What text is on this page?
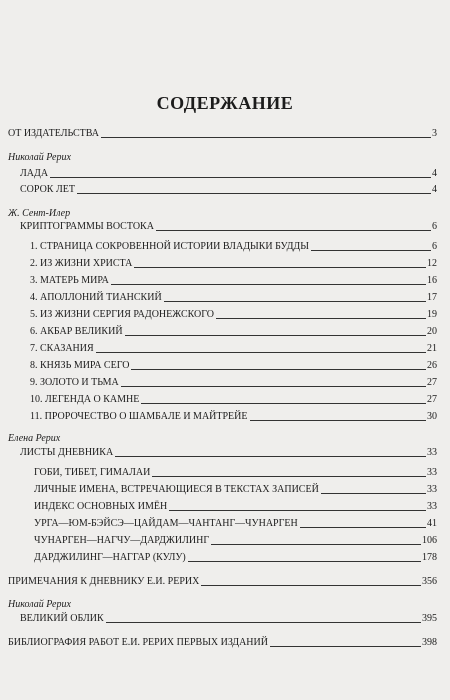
СОДЕРЖАНИЕ
ОТ ИЗДАТЕЛЬСТВА	3
Николай Рерих
ЛАДА	4
СОРОК ЛЕТ	4
Ж. Сент-Илер
КРИПТОГРАММЫ ВОСТОКА	6
1. СТРАНИЦА СОКРОВЕННОЙ ИСТОРИИ ВЛАДЫКИ БУДДЫ	6
2. ИЗ ЖИЗНИ ХРИСТА	12
3. МАТЕРЬ МИРА	16
4. АПОЛЛОНИЙ ТИАНСКИЙ	17
5. ИЗ ЖИЗНИ СЕРГИЯ РАДОНЕЖСКОГО	19
6. АКБАР ВЕЛИКИЙ	20
7. СКАЗАНИЯ	21
8. КНЯЗЬ МИРА СЕГО	26
9. ЗОЛОТО И ТЬМА	27
10. ЛЕГЕНДА О КАМНЕ	27
11. ПРОРОЧЕСТВО О ШАМБАЛЕ И МАЙТРЕЙЕ	30
Елена Рерих
ЛИСТЫ ДНЕВНИКА	33
ГОБИ, ТИБЕТ, ГИМАЛАИ	33
ЛИЧНЫЕ ИМЕНА, ВСТРЕЧАЮЩИЕСЯ В ТЕКСТАХ ЗАПИСЕЙ	33
ИНДЕКС ОСНОВНЫХ ИМЁН	33
УРГА—ЮМ-БЭЙСЭ—ЦАЙДАМ—ЧАНТАНГ—ЧУНАРГЕН	41
ЧУНАРГЕН—НАГЧУ—ДАРДЖИЛИНГ	106
ДАРДЖИЛИНГ—НАГГАР (КУЛУ)	178
ПРИМЕЧАНИЯ К ДНЕВНИКУ Е.И. РЕРИХ	356
Николай Рерих
ВЕЛИКИЙ ОБЛИК	395
БИБЛИОГРАФИЯ РАБОТ Е.И. РЕРИХ ПЕРВЫХ ИЗДАНИЙ	398
